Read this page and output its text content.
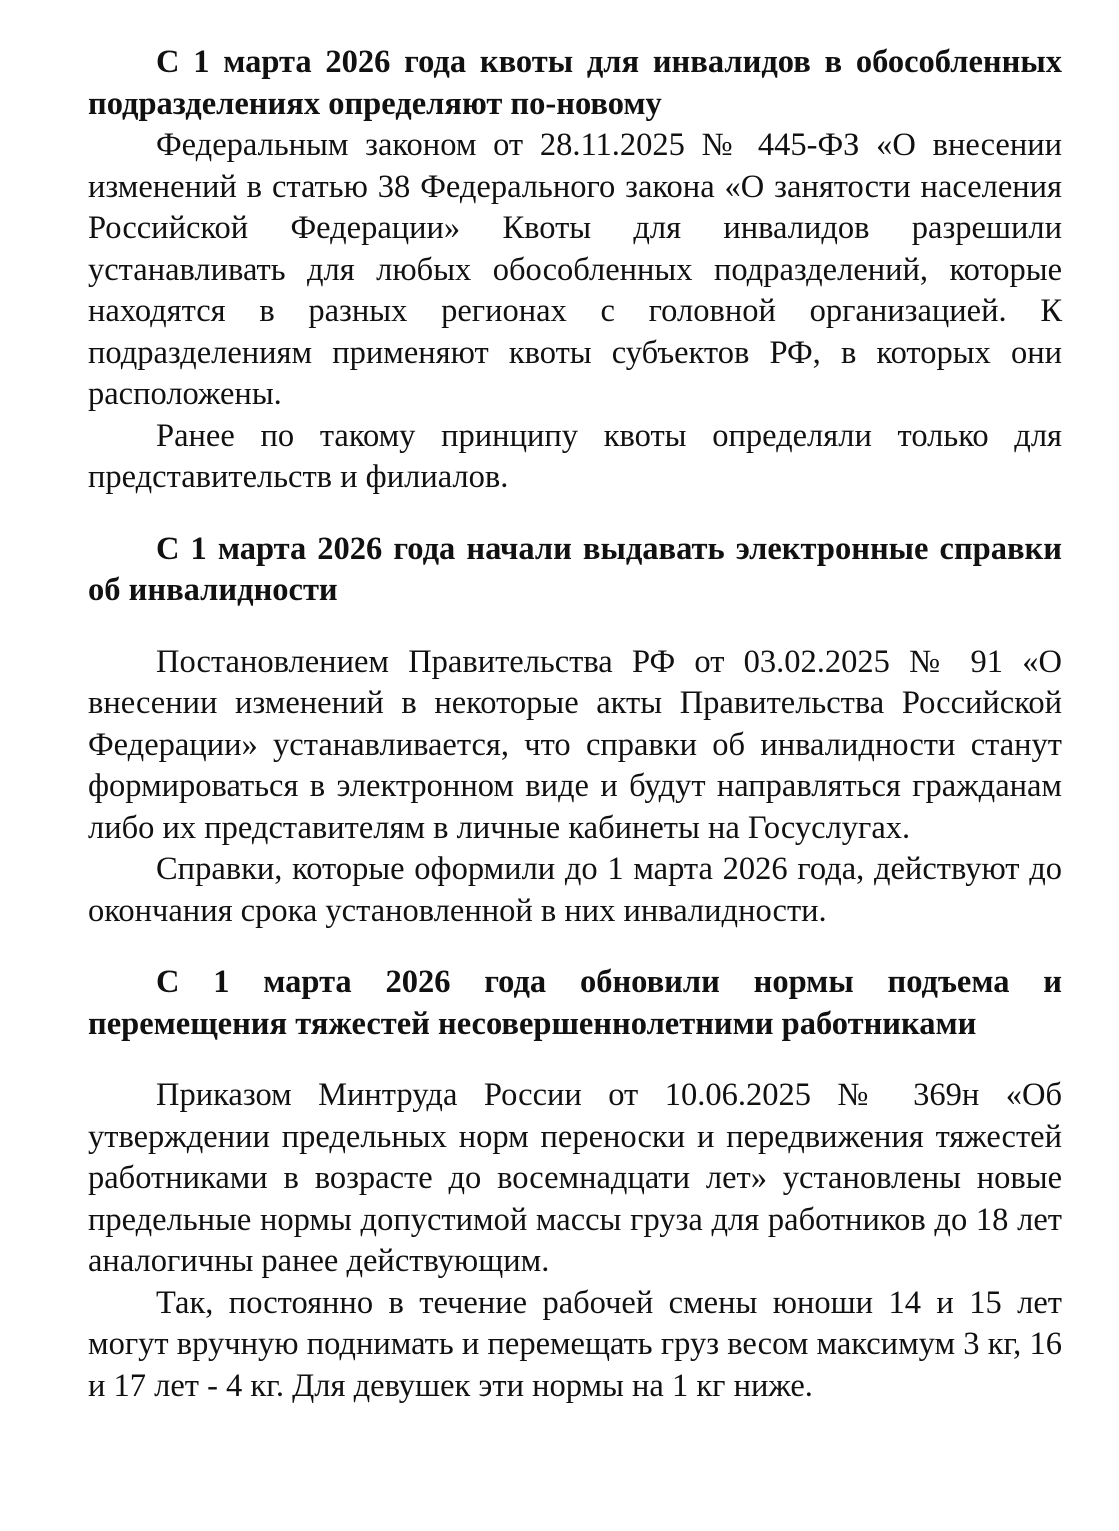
С 1 марта 2026 года квоты для инвалидов в обособленных подразделениях определяют по-новому

Федеральным законом от 28.11.2025 № 445-ФЗ «О внесении изменений в статью 38 Федерального закона «О занятости населения Российской Федерации» Квоты для инвалидов разрешили устанавливать для любых обособленных подразделений, которые находятся в разных регионах с головной организацией. К подразделениям применяют квоты субъектов РФ, в которых они расположены.

Ранее по такому принципу квоты определяли только для представительств и филиалов.

С 1 марта 2026 года начали выдавать электронные справки об инвалидности

Постановлением Правительства РФ от 03.02.2025 № 91 «О внесении изменений в некоторые акты Правительства Российской Федерации» устанавливается, что справки об инвалидности станут формироваться в электронном виде и будут направляться гражданам либо их представителям в личные кабинеты на Госуслугах.

Справки, которые оформили до 1 марта 2026 года, действуют до окончания срока установленной в них инвалидности.

С 1 марта 2026 года обновили нормы подъема и перемещения тяжестей несовершеннолетними работниками

Приказом Минтруда России от 10.06.2025 № 369н «Об утверждении предельных норм переноски и передвижения тяжестей работниками в возрасте до восемнадцати лет» установлены новые предельные нормы допустимой массы груза для работников до 18 лет аналогичны ранее действующим.

Так, постоянно в течение рабочей смены юноши 14 и 15 лет могут вручную поднимать и перемещать груз весом максимум 3 кг, 16 и 17 лет - 4 кг. Для девушек эти нормы на 1 кг ниже.
